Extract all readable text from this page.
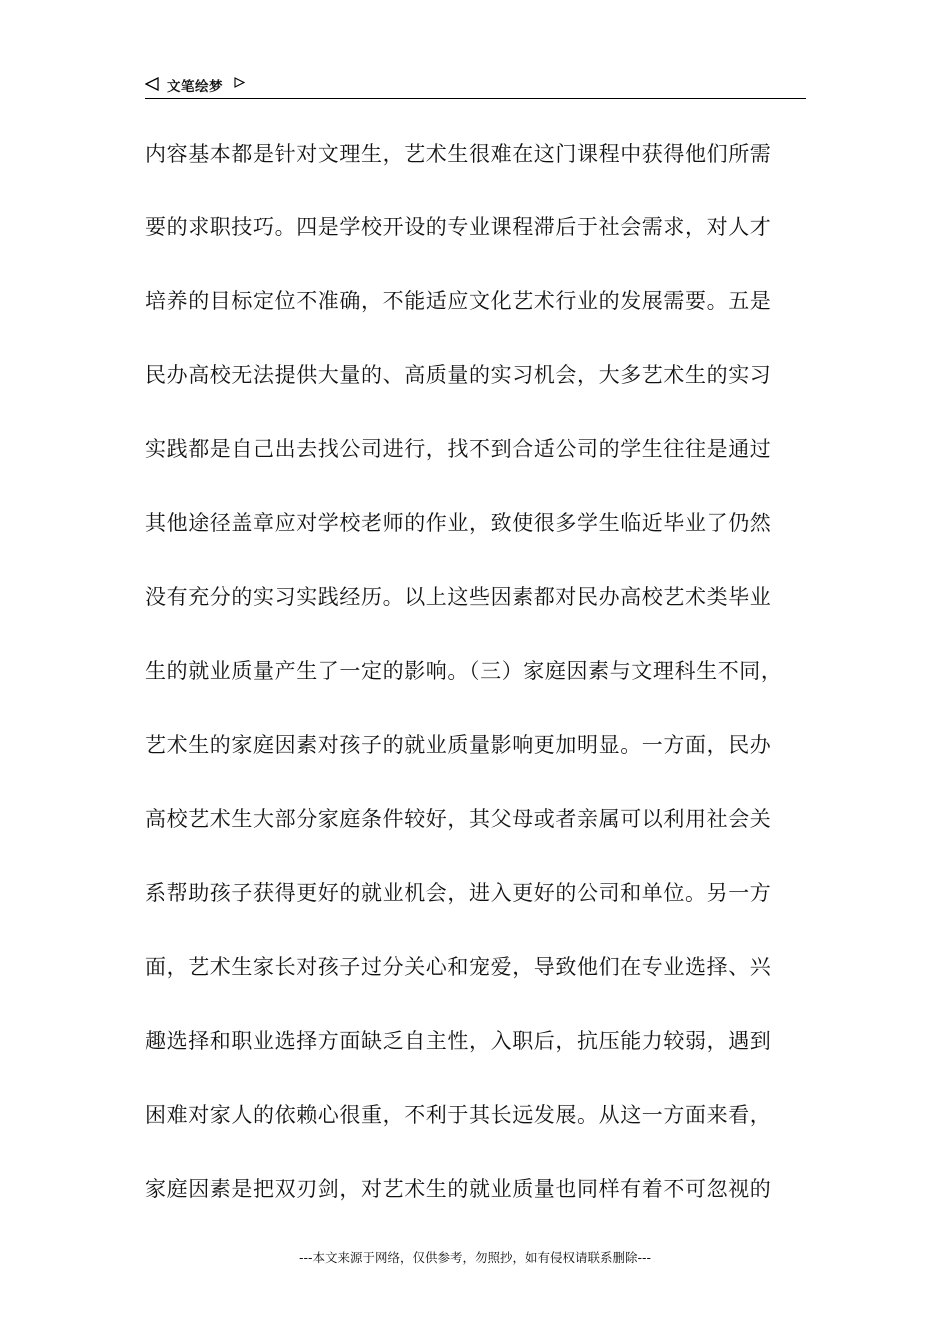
文笔绘梦
内容基本都是针对文理生，艺术生很难在这门课程中获得他们所需
要的求职技巧。四是学校开设的专业课程滞后于社会需求，对人才
培养的目标定位不准确，不能适应文化艺术行业的发展需要。五是
民办高校无法提供大量的、高质量的实习机会，大多艺术生的实习
实践都是自己出去找公司进行，找不到合适公司的学生往往是通过
其他途径盖章应对学校老师的作业，致使很多学生临近毕业了仍然
没有充分的实习实践经历。以上这些因素都对民办高校艺术类毕业
生的就业质量产生了一定的影响。（三）家庭因素与文理科生不同，
艺术生的家庭因素对孩子的就业质量影响更加明显。一方面，民办
高校艺术生大部分家庭条件较好，其父母或者亲属可以利用社会关
系帮助孩子获得更好的就业机会，进入更好的公司和单位。另一方
面，艺术生家长对孩子过分关心和宠爱，导致他们在专业选择、兴
趣选择和职业选择方面缺乏自主性，入职后，抗压能力较弱，遇到
困难对家人的依赖心很重，不利于其长远发展。从这一方面来看，
家庭因素是把双刃剑，对艺术生的就业质量也同样有着不可忽视的
---本文来源于网络，仅供参考，勿照抄，如有侵权请联系删除---
